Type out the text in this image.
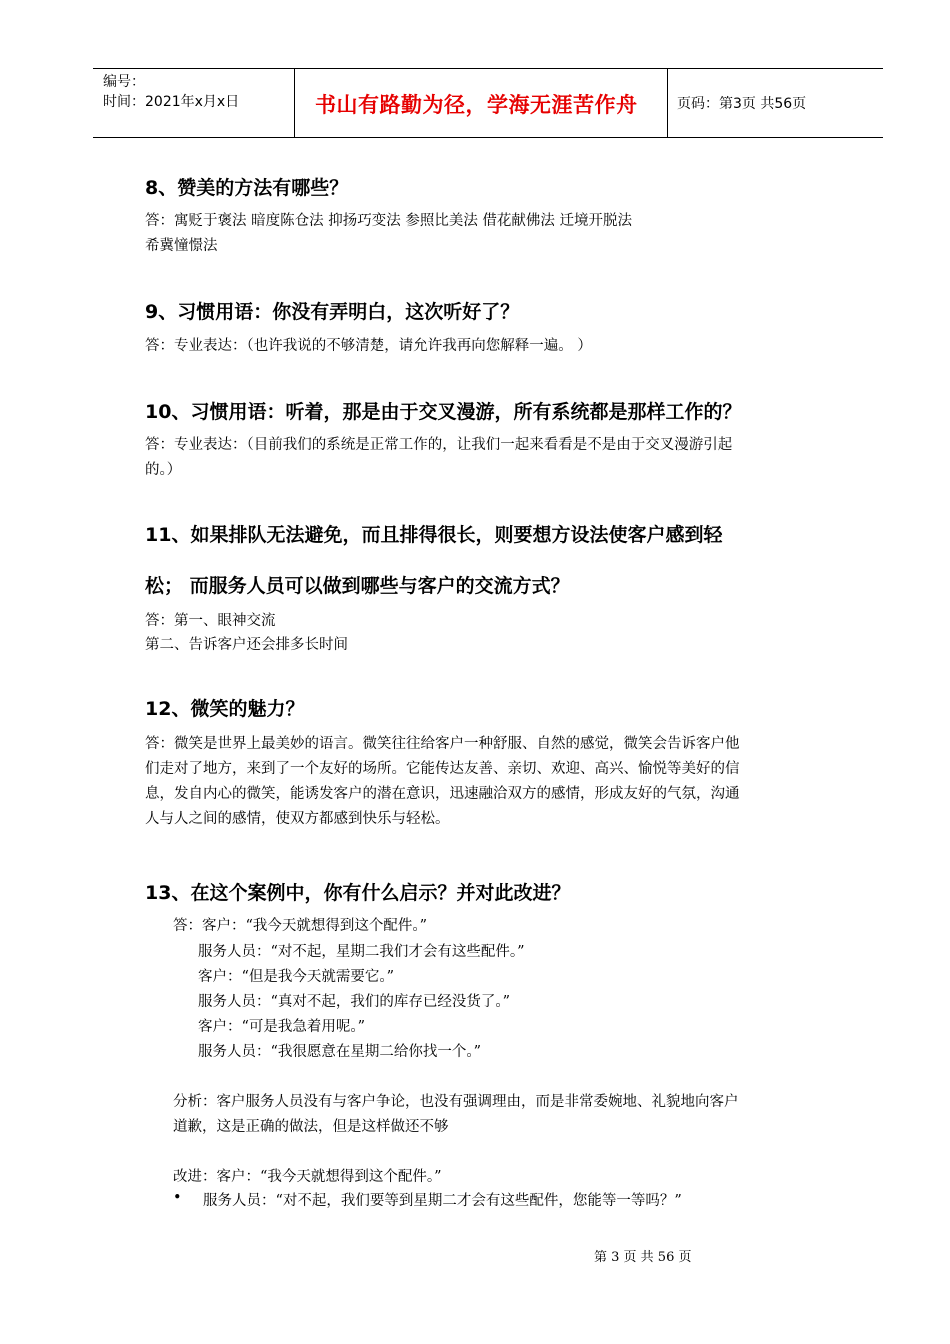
编号：
时间：2021年x月x日	书山有路勤为径，学海无涯苦作舟	页码：第3页 共56页
8、赞美的方法有哪些？
答：寓贬于褒法 暗度陈仓法 抑扬巧变法 参照比美法 借花献佛法 迁境开脱法
希冀憧憬法
9、习惯用语：你没有弄明白，这次听好了？
答：专业表达：（也许我说的不够清楚，请允许我再向您解释一遍。 ）
10、习惯用语：听着，那是由于交叉漫游，所有系统都是那样工作的？
答：专业表达：（目前我们的系统是正常工作的，让我们一起来看看是不是由于交叉漫游引起
的。）
11、如果排队无法避免，而且排得很长，则要想方设法使客户感到轻
松； 而服务人员可以做到哪些与客户的交流方式？
答：第一、眼神交流
第二、告诉客户还会排多长时间
12、微笑的魅力？
答：微笑是世界上最美妙的语言。微笑往往给客户一种舒服、自然的感觉，微笑会告诉客户他
们走对了地方，来到了一个友好的场所。它能传达友善、亲切、欢迎、高兴、愉悦等美好的信
息，发自内心的微笑，能诱发客户的潜在意识，迅速融洽双方的感情，形成友好的气氛，沟通
人与人之间的感情，使双方都感到快乐与轻松。
13、在这个案例中，你有什么启示？并对此改进？
答：客户：“我今天就想得到这个配件。”
服务人员：“对不起，星期二我们才会有这些配件。”
客户：“但是我今天就需要它。”
服务人员：“真对不起，我们的库存已经没货了。”
客户：“可是我急着用呢。”
服务人员：“我很愿意在星期二给你找一个。”
分析：客户服务人员没有与客户争论，也没有强调理由，而是非常委婉地、礼貌地向客户
道歉，这是正确的做法，但是这样做还不够
改进：客户：“我今天就想得到这个配件。”
• 服务人员：“对不起，我们要等到星期二才会有这些配件，您能等一等吗？”
第 3 页 共 56 页
